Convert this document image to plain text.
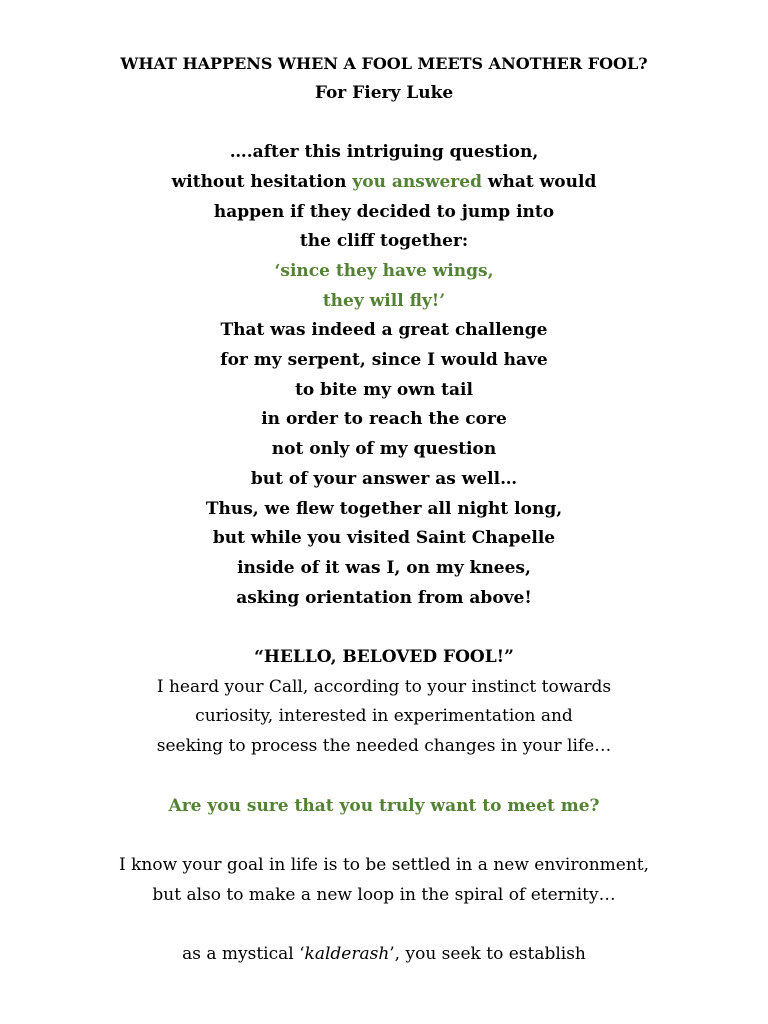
WHAT HAPPENS WHEN A FOOL MEETS ANOTHER FOOL?
For Fiery Luke
….after this intriguing question,
without hesitation you answered what would
happen if they decided to jump into
the cliff together:
‘since they have wings,
they will fly!’
That was indeed a great challenge
for my serpent, since I would have
to bite my own tail
in order to reach the core
not only of my question
but of your answer as well…
Thus, we flew together all night long,
but while you visited Saint Chapelle
inside of it was I, on my knees,
asking orientation from above!
“HELLO, BELOVED FOOL!”
I heard your Call, according to your instinct towards
curiosity, interested in experimentation and
seeking to process the needed changes in your life…
Are you sure that you truly want to meet me?
I know your goal in life is to be settled in a new environment,
but also to make a new loop in the spiral of eternity…
as a mystical ‘kalderash’, you seek to establish
